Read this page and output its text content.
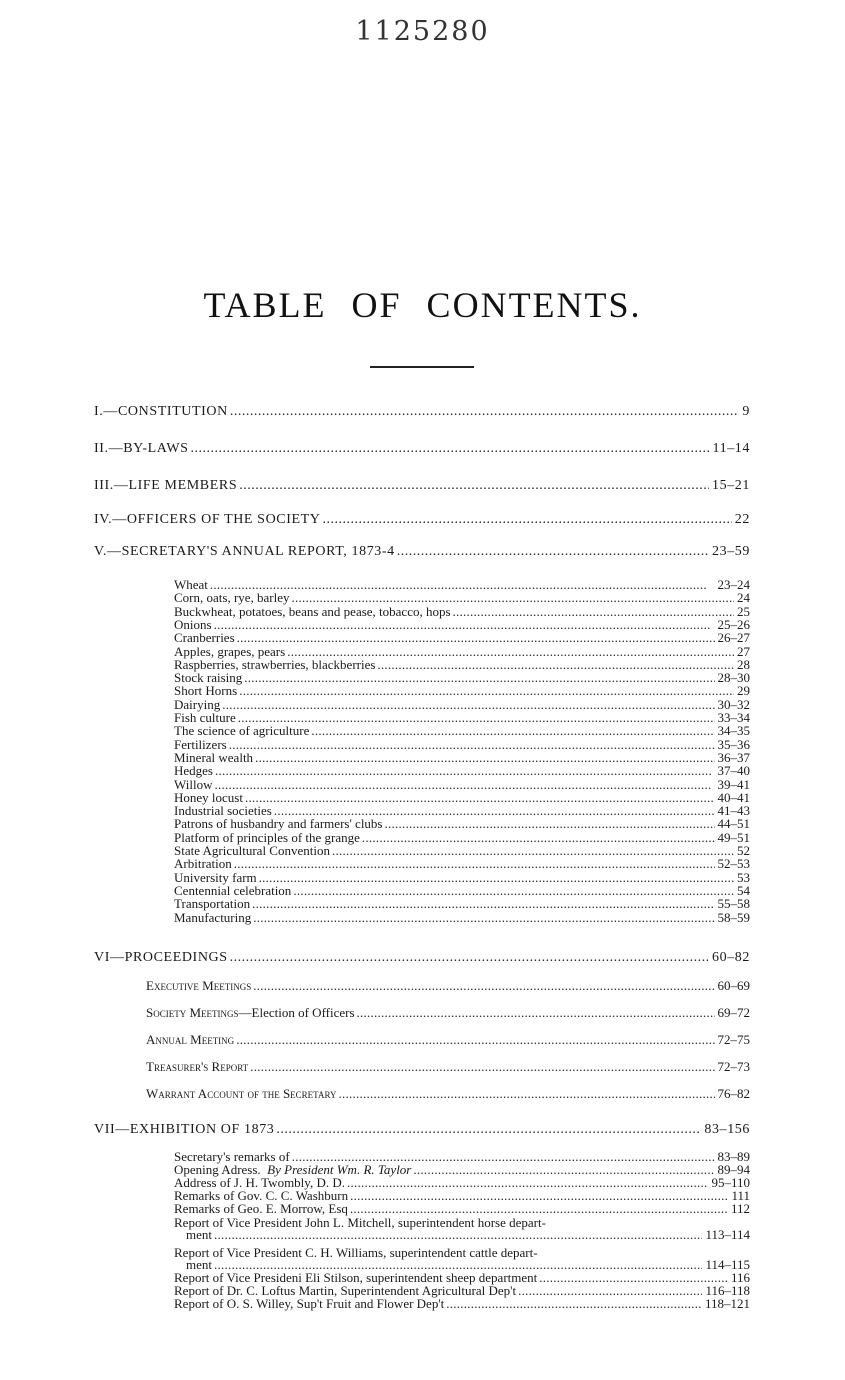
1125280
TABLE OF CONTENTS.
I.—CONSTITUTION . . .	9
II.—BY-LAWS . . .	11–14
III.—LIFE MEMBERS . . .	15–21
IV.—OFFICERS OF THE SOCIETY . . .	22
V.—SECRETARY'S ANNUAL REPORT, 1873-4 . . .	23–59
Wheat . . .	23–24
Corn, oats, rye, barley . . .	24
Buckwheat, potatoes, beans and pease, tobacco, hops . . .	25
Onions . . .	25–26
Cranberries . . .	26–27
Apples, grapes, pears . . .	27
Raspberries, strawberries, blackberries . . .	28
Stock raising . . .	28–30
Short Horns . . .	29
Dairying . . .	30–32
Fish culture . . .	33–34
The science of agriculture . . .	34–35
Fertilizers . . .	35–36
Mineral wealth . . .	36–37
Hedges . . .	37–40
Willow . . .	39–41
Honey locust . . .	40–41
Industrial societies . . .	41–43
Patrons of husbandry and farmers' clubs . . .	44–51
Platform of principles of the grange . . .	49–51
State Agricultural Convention . . .	52
Arbitration . . .	52–53
University farm . . .	53
Centennial celebration . . .	54
Transportation . . .	55–58
Manufacturing . . .	58–59
VI—PROCEEDINGS . . .	60–82
Executive Meetings . . .	60–69
Society Meetings—Election of Officers . . .	69–72
Annual Meeting . . .	72–75
Treasurer's Report . . .	72–73
Warrant Account of the Secretary . . .	76–82
VII—EXHIBITION OF 1873 . . .	83–156
Secretary's remarks of . . .	83–89
Opening Adress. By President Wm. R. Taylor . . .	89–94
Address of J. H. Twombly, D. D. . . .	95–110
Remarks of Gov. C. C. Washburn . . .	111
Remarks of Geo. E. Morrow, Esq . . .	112
Report of Vice President John L. Mitchell, superintendent horse depart-
ment . . .	113–114
Report of Vice President C. H. Williams, superintendent cattle depart-
ment . . .	114–115
Report of Vice Presideni Eli Stilson, superintendent sheep department . . .	116
Report of Dr. C. Loftus Martin, Superintendent Agricultural Dep't . . .	116–118
Report of O. S. Willey, Sup't Fruit and Flower Dep't . . .	118–121
